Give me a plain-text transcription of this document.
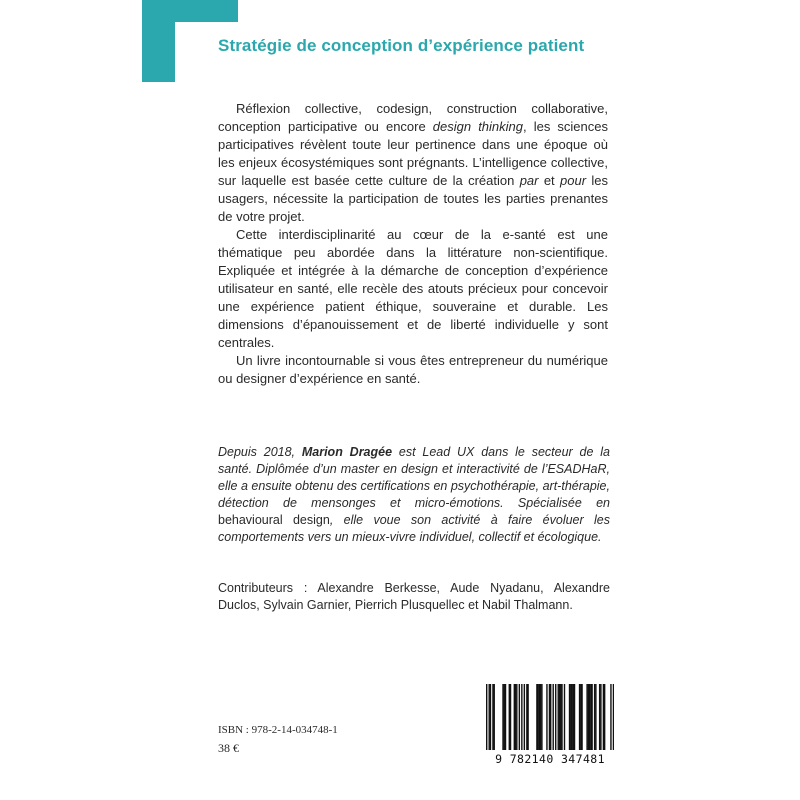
Stratégie de conception d’expérience patient

Réflexion collective, codesign, construction collaborative, conception participative ou encore design thinking, les sciences participatives révèlent toute leur pertinence dans une époque où les enjeux écosystémiques sont prégnants. L’intelligence collective, sur laquelle est basée cette culture de la création par et pour les usagers, nécessite la participation de toutes les parties prenantes de votre projet.

Cette interdisciplinarité au cœur de la e-santé est une thématique peu abordée dans la littérature non-scientifique. Expliquée et intégrée à la démarche de conception d’expérience utilisateur en santé, elle recèle des atouts précieux pour concevoir une expérience patient éthique, souveraine et durable. Les dimensions d’épanouissement et de liberté individuelle y sont centrales.

Un livre incontournable si vous êtes entrepreneur du numérique ou designer d’expérience en santé.

Depuis 2018, Marion Dragée est Lead UX dans le secteur de la santé. Diplômée d’un master en design et interactivité de l’ESADHaR, elle a ensuite obtenu des certifications en psychothérapie, art-thérapie, détection de mensonges et micro-émotions. Spécialisée en behavioural design, elle voue son activité à faire évoluer les comportements vers un mieux-vivre individuel, collectif et écologique.
Contributeurs : Alexandre Berkesse, Aude Nyadanu, Alexandre Duclos, Sylvain Garnier, Pierrich Plusquellec et Nabil Thalmann.
ISBN : 978-2-14-034748-1
38 €
9 782140 347481
